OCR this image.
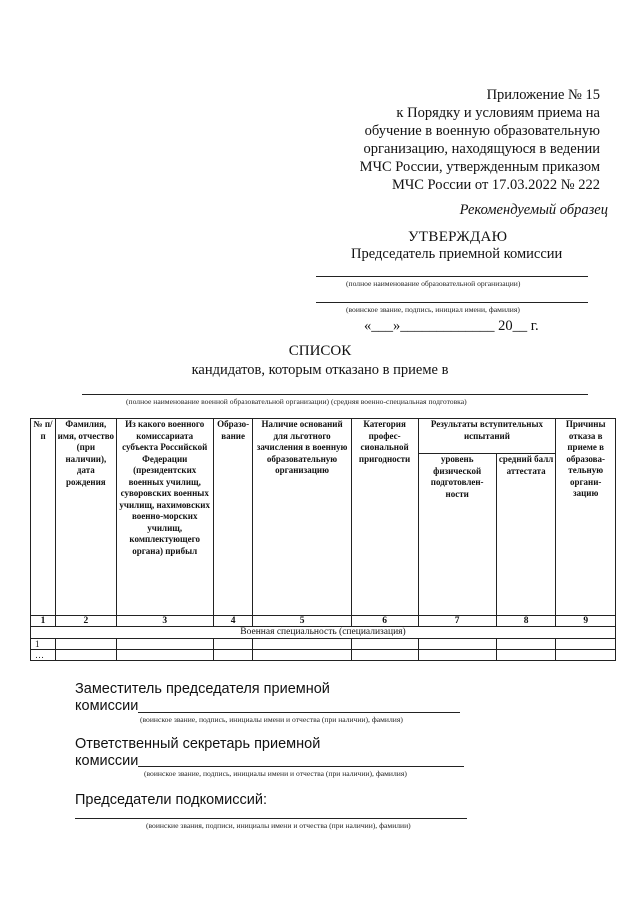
Приложение № 15
к Порядку и условиям приема на
обучение в военную образовательную
организацию, находящуюся в ведении
МЧС России, утвержденным приказом
МЧС России от 17.03.2022 № 222
Рекомендуемый образец
УТВЕРЖДАЮ
Председатель приемной комиссии
(полное наименование образовательной организации)
(воинское звание, подпись, инициал имени, фамилия)
«___»_____________ 20__ г.
СПИСОК
кандидатов, которым отказано в приеме в
(полное наименование военной образовательной организации) (средняя военно-специальная подготовка)
№ п/п	Фамилия, имя, отчество (при наличии), дата рождения	Из какого военного комиссариата субъекта Российской Федерации (президентских военных училищ, суворовских военных училищ, нахимовских военно-морских училищ, комплектующего органа) прибыл	Образо-вание	Наличие оснований для льготного зачисления в военную образовательную организацию	Категория профес-сиональной пригодности	Результаты вступительных испытаний		Причины отказа в приеме в образова-тельную органи-зацию
						уровень физической подготовлен-ности	средний балл аттестата	
1	2	3	4	5	6	7	8	9
Военная специальность (специализация)								
1								
…								
Заместитель председателя приемной
комиссии
(воинское звание, подпись, инициалы имени и отчества (при наличии), фамилия)
Ответственный секретарь приемной
комиссии
(воинское звание, подпись, инициалы имени и отчества (при наличии), фамилия)
Председатели подкомиссий:
(воинские звания, подписи, инициалы имени и отчества (при наличии), фамилии)
